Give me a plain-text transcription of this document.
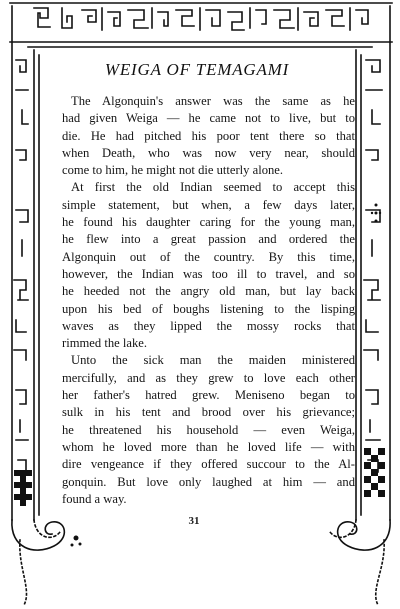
WEIGA OF TEMAGAMI
The Algonquin's answer was the same as he
had given Weiga — he came not to live, but to
die. He had pitched his poor tent there so that
when Death, who was now very near, should
come to him, he might not die utterly alone.
At first the old Indian seemed to accept this
simple statement, but when, a few days later,
he found his daughter caring for the young man,
he flew into a great passion and ordered the
Algonquin out of the country. By this time,
however, the Indian was too ill to travel, and so
he heeded not the angry old man, but lay back
upon his bed of boughs listening to the lisping
waves as they lipped the mossy rocks that
rimmed the lake.
Unto the sick man the maiden ministered
mercifully, and as they grew to love each other
her father's hatred grew. Meniseno began to
sulk in his tent and brood over his grievance;
he threatened his household — even Weiga,
whom he loved more than he loved life — with
dire vengeance if they offered succour to the Al-
gonquin. But love only laughed at him — and
found a way.
31
